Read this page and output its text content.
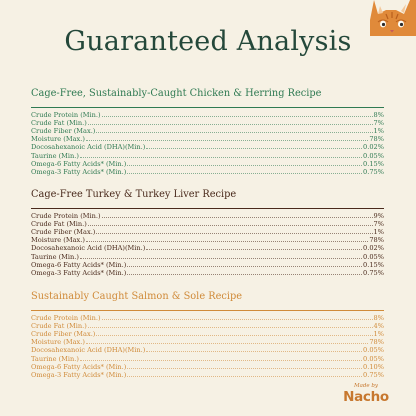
Guaranteed Analysis
Cage-Free, Sustainably-Caught Chicken & Herring Recipe
Crude Protein (Min.)	8%
Crude Fat (Min.)	7%
Crude Fiber (Max.)	1%
Moisture (Max.)	78%
Docosahexanoic Acid (DHA)(Min.)	0.02%
Taurine (Min.)	0.05%
Omega-6 Fatty Acids* (Min.)	0.15%
Omega-3 Fatty Acids* (Min.)	0.75%
Cage-Free Turkey & Turkey Liver Recipe
Crude Protein (Min.)	9%
Crude Fat (Min.)	7%
Crude Fiber (Max.)	1%
Moisture (Max.)	78%
Docosahexanoic Acid (DHA)(Min.)	0.02%
Taurine (Min.)	0.05%
Omega-6 Fatty Acids* (Min.)	0.15%
Omega-3 Fatty Acids* (Min.)	0.75%
Sustainably Caught Salmon & Sole Recipe
Crude Protein (Min.)	8%
Crude Fat (Min.)	4%
Crude Fiber (Max.)	1%
Moisture (Max.)	78%
Docosahexanoic Acid (DHA)(Min.)	0.05%
Taurine (Min.)	0.05%
Omega-6 Fatty Acids* (Min.)	0.10%
Omega-3 Fatty Acids* (Min.)	0.75%
Made by
Nacho
